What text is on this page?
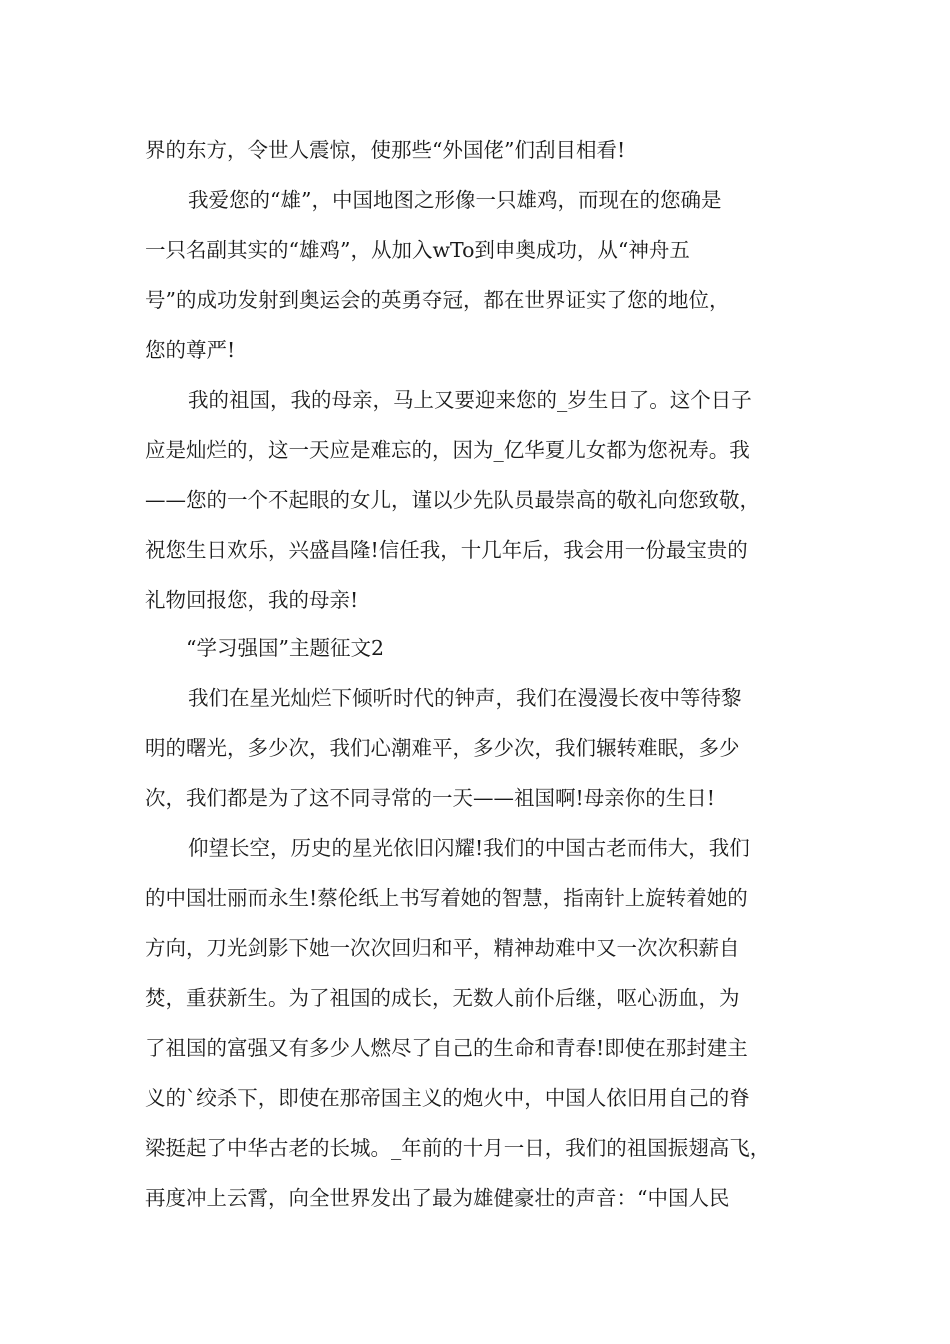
界的东方，令世人震惊，使那些“外国佬”们刮目相看!
我爱您的“雄”，中国地图之形像一只雄鸡，而现在的您确是
一只名副其实的“雄鸡”，从加入wTo到申奥成功，从“神舟五
号”的成功发射到奥运会的英勇夺冠，都在世界证实了您的地位，
您的尊严!
我的祖国，我的母亲，马上又要迎来您的_岁生日了。这个日子
应是灿烂的，这一天应是难忘的，因为_亿华夏儿女都为您祝寿。我
——您的一个不起眼的女儿，谨以少先队员最崇高的敬礼向您致敬，
祝您生日欢乐，兴盛昌隆!信任我，十几年后，我会用一份最宝贵的
礼物回报您，我的母亲!
“学习强国”主题征文2
我们在星光灿烂下倾听时代的钟声，我们在漫漫长夜中等待黎
明的曙光，多少次，我们心潮难平，多少次，我们辗转难眠，多少
次，我们都是为了这不同寻常的一天——祖国啊!母亲你的生日!
仰望长空，历史的星光依旧闪耀!我们的中国古老而伟大，我们
的中国壮丽而永生!蔡伦纸上书写着她的智慧，指南针上旋转着她的
方向，刀光剑影下她一次次回归和平，精神劫难中又一次次积薪自
焚，重获新生。为了祖国的成长，无数人前仆后继，呕心沥血，为
了祖国的富强又有多少人燃尽了自己的生命和青春!即使在那封建主
义的`绞杀下，即使在那帝国主义的炮火中，中国人依旧用自己的脊
梁挺起了中华古老的长城。_年前的十月一日，我们的祖国振翅高飞，
再度冲上云霄，向全世界发出了最为雄健豪壮的声音：“中国人民
